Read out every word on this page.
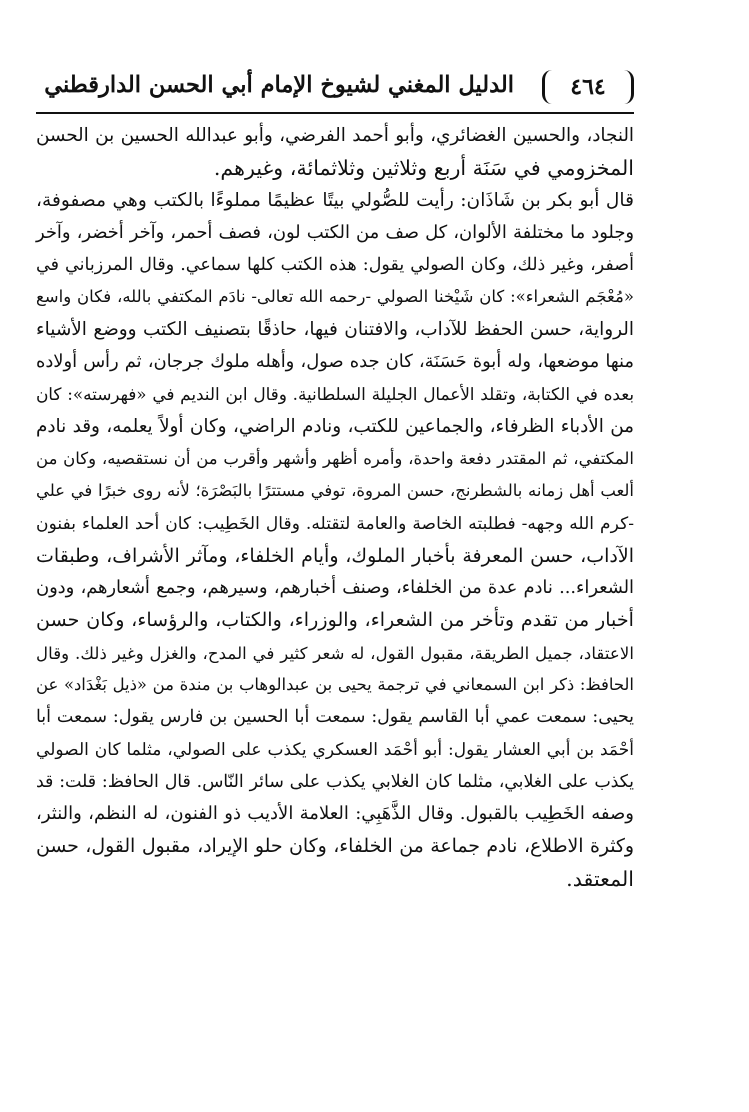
٤٦٤
الدليل المغني لشيوخ الإمام أبي الحسن الدارقطني
النجاد، والحسين الغضائري، وأبو أحمد الفرضي، وأبو عبدالله الحسين بن الحسن
المخزومي في سَنَة أربع وثلاثين وثلاثمائة، وغيرهم.
قال أبو بكر بن شَاذَان: رأيت للصُّولي بيتًا عظيمًا مملوءًا بالكتب وهي مصفوفة،
وجلود ما مختلفة الألوان، كل صف من الكتب لون، فصف أحمر، وآخر أخضر، وآخر
أصفر، وغير ذلك، وكان الصولي يقول: هذه الكتب كلها سماعي. وقال المرزباني في
«مُعْجَم الشعراء»: كان شَيْخنا الصولي -رحمه الله تعالى- نادَم المكتفي بالله، فكان واسع
الرواية، حسن الحفظ للآداب، والافتنان فيها، حاذقًا بتصنيف الكتب ووضع الأشياء
منها موضعها، وله أبوة حَسَنَة، كان جده صول، وأهله ملوك جرجان، ثم رأس أولاده
بعده في الكتابة، وتقلد الأعمال الجليلة السلطانية. وقال ابن النديم في «فهرسته»: كان
من الأدباء الظرفاء، والجماعين للكتب، ونادم الراضي، وكان أولاً يعلمه، وقد نادم
المكتفي، ثم المقتدر دفعة واحدة، وأمره أظهر وأشهر وأقرب من أن نستقصيه، وكان من
ألعب أهل زمانه بالشطرنج، حسن المروة، توفي مستترًا بالبَصْرَة؛ لأنه روى خبرًا في علي
-كرم الله وجهه- فطلبته الخاصة والعامة لتقتله. وقال الخَطِيب: كان أحد العلماء بفنون
الآداب، حسن المعرفة بأخبار الملوك، وأيام الخلفاء، ومآثر الأشراف، وطبقات
الشعراء... نادم عدة من الخلفاء، وصنف أخبارهم، وسيرهم، وجمع أشعارهم، ودون
أخبار من تقدم وتأخر من الشعراء، والوزراء، والكتاب، والرؤساء، وكان حسن
الاعتقاد، جميل الطريقة، مقبول القول، له شعر كثير في المدح، والغزل وغير ذلك. وقال
الحافظ: ذكر ابن السمعاني في ترجمة يحيى بن عبدالوهاب بن مندة من «ذيل بَغْدَاد» عن
يحيى: سمعت عمي أبا القاسم يقول: سمعت أبا الحسين بن فارس يقول: سمعت أبا
أحْمَد بن أبي العشار يقول: أبو أحْمَد العسكري يكذب على الصولي، مثلما كان الصولي
يكذب على الغلابي، مثلما كان الغلابي يكذب على سائر النّاس. قال الحافظ: قلت: قد
وصفه الخَطِيب بالقبول. وقال الذَّهَبِي: العلامة الأديب ذو الفنون، له النظم، والنثر،
وكثرة الاطلاع، نادم جماعة من الخلفاء، وكان حلو الإيراد، مقبول القول، حسن
المعتقد.
